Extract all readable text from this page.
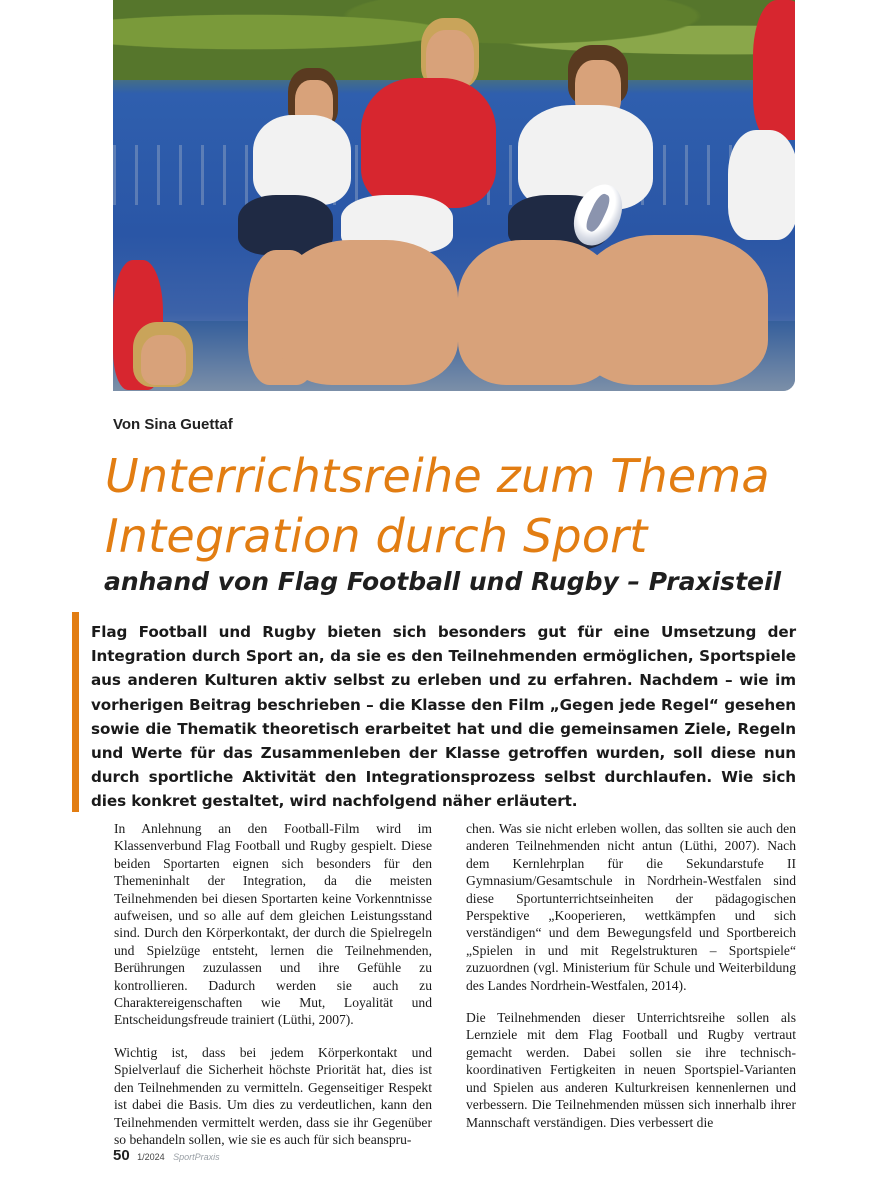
Von Sina Guettaf
Unterrichtsreihe zum Thema
Integration durch Sport
anhand von Flag Football und Rugby – Praxisteil

Flag Football und Rugby bieten sich besonders gut für eine Umsetzung der Integration durch Sport an, da sie es den Teilnehmenden ermöglichen, Sportspiele aus anderen Kulturen aktiv selbst zu erleben und zu erfahren. Nachdem – wie im vorherigen Beitrag beschrieben – die Klasse den Film „Gegen jede Regel“ gesehen sowie die Thematik theoretisch erarbeitet hat und die gemeinsamen Ziele, Regeln und Werte für das Zusammenleben der Klasse getroffen wurden, soll diese nun durch sportliche Aktivität den Integrationsprozess selbst durchlaufen. Wie sich dies konkret gestaltet, wird nachfolgend näher erläutert.

In Anlehnung an den Football-Film wird im Klassenverbund Flag Football und Rugby gespielt. Diese beiden Sportarten eignen sich besonders für den Themeninhalt der Integration, da die meisten Teilnehmenden bei diesen Sportarten keine Vorkenntnisse aufweisen, und so alle auf dem gleichen Leistungsstand sind. Durch den Körperkontakt, der durch die Spielregeln und Spielzüge entsteht, lernen die Teilnehmenden, Berührungen zuzulassen und ihre Gefühle zu kontrollieren. Dadurch werden sie auch zu Charaktereigenschaften wie Mut, Loyalität und Entscheidungsfreude trainiert (Lüthi, 2007).

Wichtig ist, dass bei jedem Körperkontakt und Spielverlauf die Sicherheit höchste Priorität hat, dies ist den Teilnehmenden zu vermitteln. Gegenseitiger Respekt ist dabei die Basis. Um dies zu verdeutlichen, kann den Teilnehmenden vermittelt werden, dass sie ihr Gegenüber so behandeln sollen, wie sie es auch für sich beanspru-

chen. Was sie nicht erleben wollen, das sollten sie auch den anderen Teilnehmenden nicht antun (Lüthi, 2007). Nach dem Kernlehrplan für die Sekundarstufe II Gymnasium/Gesamtschule in Nordrhein-Westfalen sind diese Sportunterrichtseinheiten der pädagogischen Perspektive „Kooperieren, wettkämpfen und sich verständigen“ und dem Bewegungsfeld und Sportbereich „Spielen in und mit Regelstrukturen – Sportspiele“ zuzuordnen (vgl. Ministerium für Schule und Weiterbildung des Landes Nordrhein-Westfalen, 2014).

Die Teilnehmenden dieser Unterrichtsreihe sollen als Lernziele mit dem Flag Football und Rugby vertraut gemacht werden. Dabei sollen sie ihre technisch-koordinativen Fertigkeiten in neuen Sportspiel-Varianten und Spielen aus anderen Kulturkreisen kennenlernen und verbessern. Die Teilnehmenden müssen sich innerhalb ihrer Mannschaft verständigen. Dies verbessert die

50 1/2024 SportPraxis
